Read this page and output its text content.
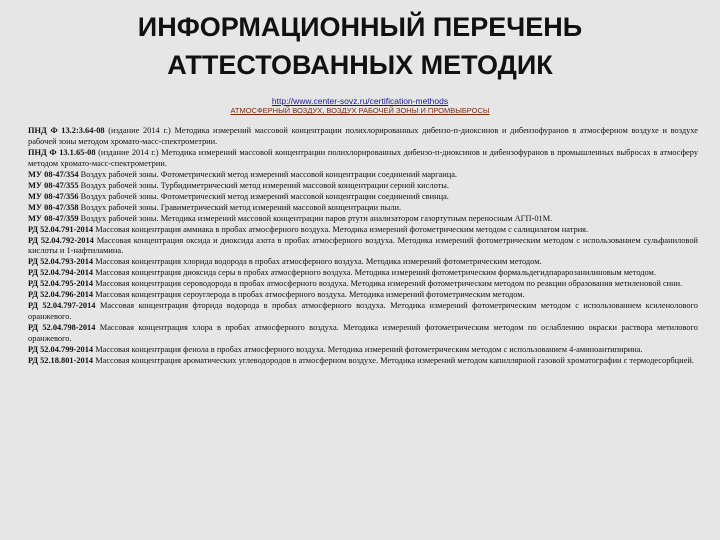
ИНФОРМАЦИОННЫЙ ПЕРЕЧЕНЬ
АТТЕСТОВАННЫХ МЕТОДИК
http://www.center-sovz.ru/certification-methods
АТМОСФЕРНЫЙ ВОЗДУХ, ВОЗДУХ РАБОЧЕЙ ЗОНЫ И ПРОМВЫБРОСЫ

ПНД Ф 13.2:3.64-08 (издание 2014 г.) Методика измерений массовой концентрации полихлорированных дибензо-п-диоксинов и дибензофуранов в атмосферном воздухе и воздухе рабочей зоны методом хромато-масс-спектрометрии.

ПНД Ф 13.1.65-08 (издание 2014 г.) Методика измерений массовой концентрации полихлорированных дибензо-п-диоксинов и дибензофуранов в промышленных выбросах в атмосферу методом хромато-масс-спектрометрии.

МУ 08-47/354 Воздух рабочей зоны. Фотометрический метод измерений массовой концентрации соединений марганца.

МУ 08-47/355 Воздух рабочей зоны. Турбидиметрический метод измерений массовой концентрации серной кислоты.

МУ 08-47/356 Воздух рабочей зоны. Фотометрический метод измерений массовой концентрации соединений свинца.

МУ 08-47/358 Воздух рабочей зоны. Гравиметрический метод измерений массовой концентрации пыли.

МУ 08-47/359 Воздух рабочей зоны. Методика измерений массовой концентрации паров ртути анализатором газортутным переносным АГП-01М.

РД 52.04.791-2014 Массовая концентрация аммиака в пробах атмосферного воздуха. Методика измерений фотометрическим методом с салицилатом натрия.

РД 52.04.792-2014 Массовая концентрация оксида и диоксида азота в пробах атмосферного воздуха. Методика измерений фотометрическим методом с использованием сульфаниловой кислоты и 1-нафтиламина.

РД 52.04.793-2014 Массовая концентрация хлорида водорода в пробах атмосферного воздуха. Методика измерений фотометрическим методом.

РД 52.04.794-2014 Массовая концентрация диоксида серы в пробах атмосферного воздуха. Методика измерений фотометрическим формальдегидпарарозанилиновым методом.

РД 52.04.795-2014 Массовая концентрация сероводорода в пробах атмосферного воздуха. Методика измерений фотометрическим методом по реакции образования метиленовой сини.

РД 52.04.796-2014 Массовая концентрация сероуглерода в пробах атмосферного воздуха. Методика измерений фотометрическим методом.

РД 52.04.797-2014 Массовая концентрация фторида водорода в пробах атмосферного воздуха. Методика измерений фотометрическим методом с использованием ксиленолового оранжевого.

РД 52.04.798-2014 Массовая концентрация хлора в пробах атмосферного воздуха. Методика измерений фотометрическим методом по ослаблению окраски раствора метилового оранжевого.

РД 52.04.799-2014 Массовая концентрация фенола в пробах атмосферного воздуха. Методика измерений фотометрическим методом с использованием 4-аминоантипирина.

РД 52.18.801-2014 Массовая концентрация ароматических углеводородов в атмосферном воздухе. Методика измерений методом капиллярной газовой хроматографии с термодесорбцией.
